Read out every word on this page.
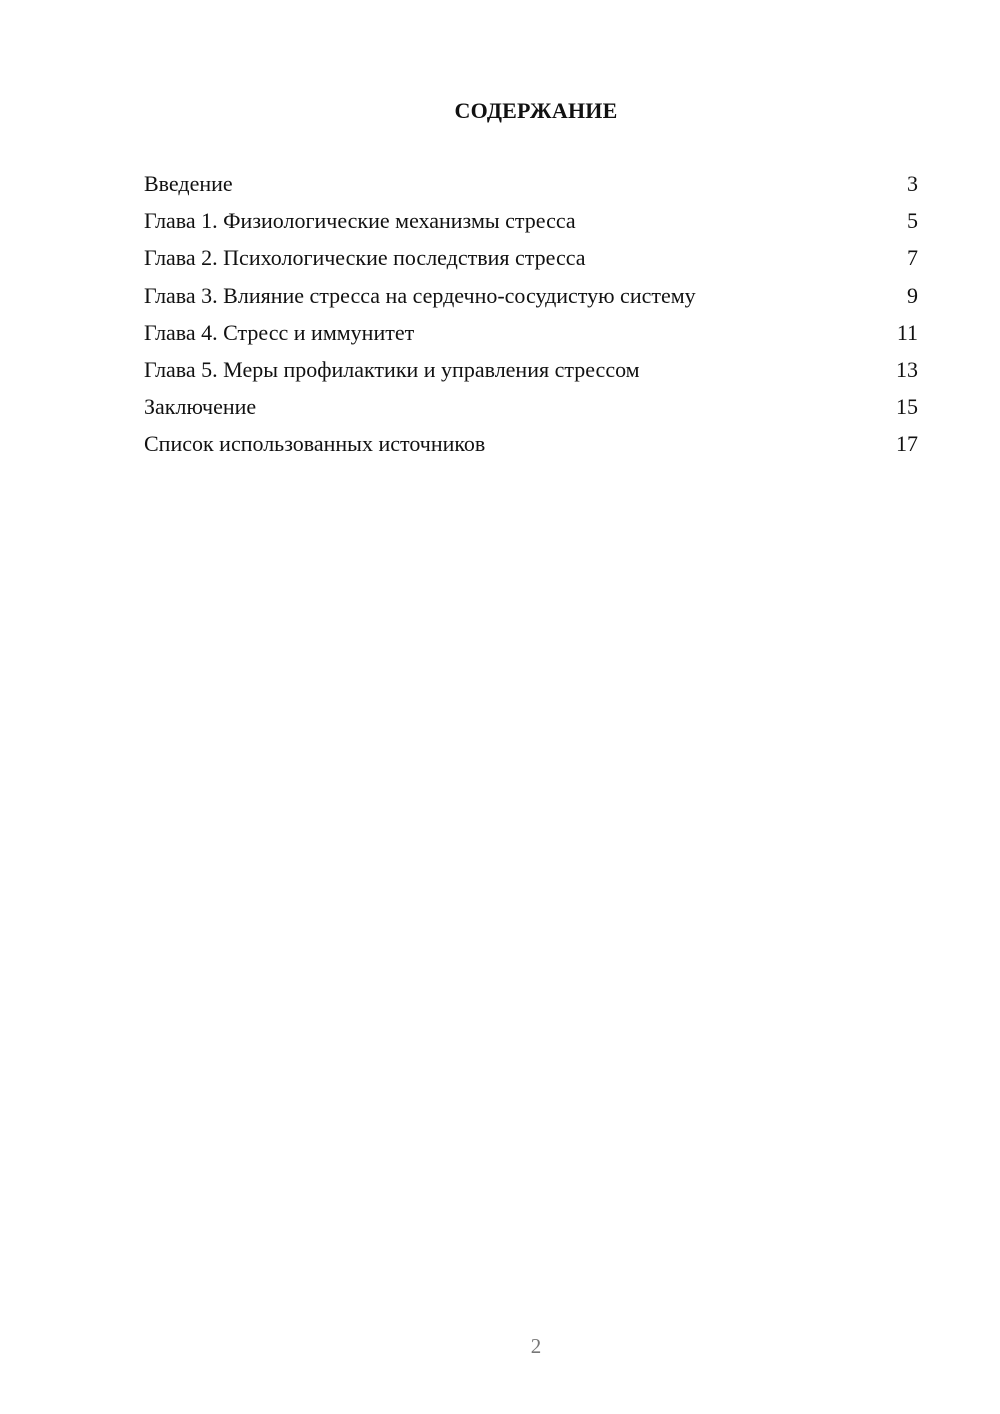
СОДЕРЖАНИЕ
Введение	3
Глава 1. Физиологические механизмы стресса	5
Глава 2. Психологические последствия стресса	7
Глава 3. Влияние стресса на сердечно-сосудистую систему	9
Глава 4. Стресс и иммунитет	11
Глава 5. Меры профилактики и управления стрессом	13
Заключение	15
Список использованных источников	17
2
